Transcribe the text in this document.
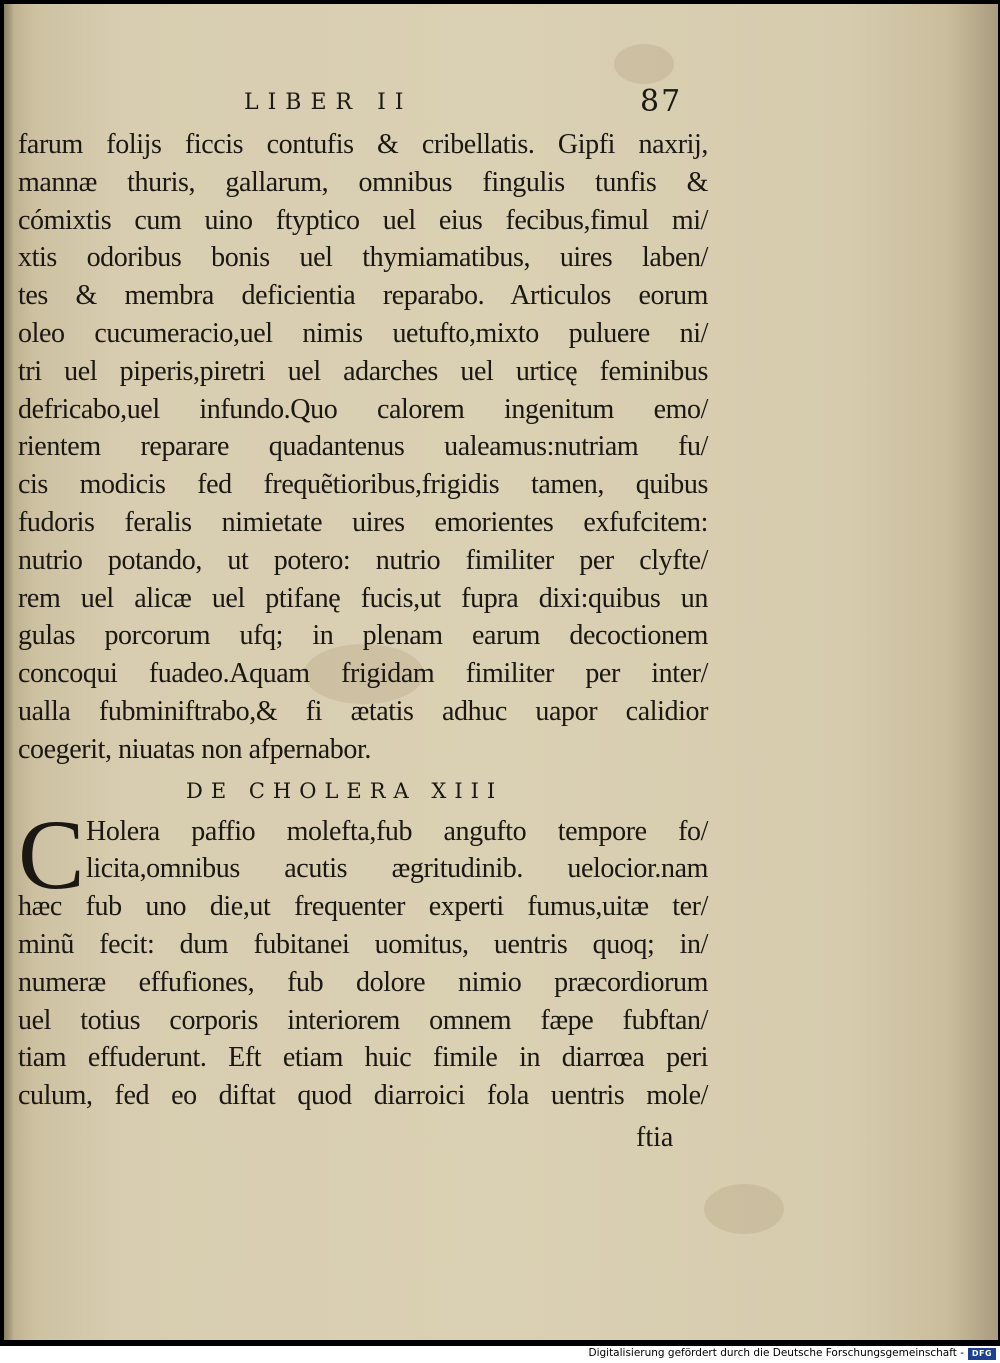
LIBER II	87
farum folijs ficcis contufis & cribellatis. Gipfi naxrij,
mannæ thuris, gallarum, omnibus fingulis tunfis &
cómixtis cum uino ftyptico uel eius fecibus,fimul mi/
xtis odoribus bonis uel thymiamatibus, uires laben/
tes & membra deficientia reparabo. Articulos eorum
oleo cucumeracio,uel nimis uetufto,mixto puluere ni/
tri uel piperis,piretri uel adarches uel urticę feminibus
defricabo,uel infundo.Quo calorem ingenitum emo/
rientem reparare quadantenus ualeamus:nutriam fu/
cis modicis fed frequẽtioribus,frigidis tamen, quibus
fudoris feralis nimietate uires emorientes exfufcitem:
nutrio potando, ut potero: nutrio fimiliter per clyfte/
rem uel alicæ uel ptifanę fucis,ut fupra dixi:quibus un
gulas porcorum ufq; in plenam earum decoctionem
concoqui fuadeo.Aquam frigidam fimiliter per inter/
ualla fubminiftrabo,& fi ætatis adhuc uapor calidior
coegerit, niuatas non afpernabor.
DE CHOLERA XIII
C Holera paffio molefta,fub angufto tempore fo/
licita,omnibus acutis ægritudinib. uelocior.nam
hæc fub uno die,ut frequenter experti fumus,uitæ ter/
minũ fecit: dum fubitanei uomitus, uentris quoq; in/
numeræ effufiones, fub dolore nimio præcordiorum
uel totius corporis interiorem omnem fæpe fubftan/
tiam effuderunt. Eft etiam huic fimile in diarrœa peri
culum, fed eo diftat quod diarroici fola uentris mole/
ftia
Digitalisierung gefördert durch die Deutsche Forschungsgemeinschaft - DFG
